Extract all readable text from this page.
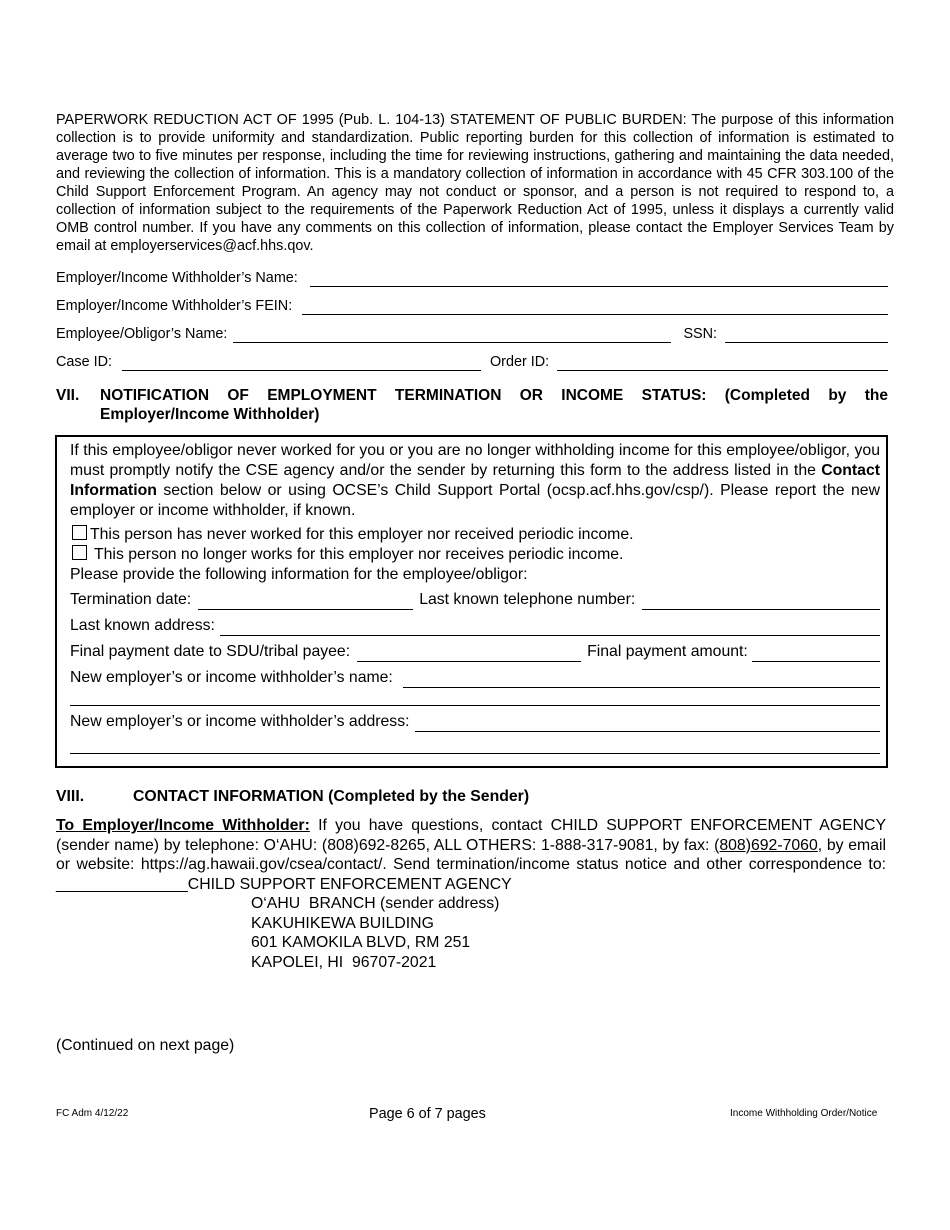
PAPERWORK REDUCTION ACT OF 1995 (Pub. L. 104-13) STATEMENT OF PUBLIC BURDEN: The purpose of this information collection is to provide uniformity and standardization. Public reporting burden for this collection of information is estimated to average two to five minutes per response, including the time for reviewing instructions, gathering and maintaining the data needed, and reviewing the collection of information. This is a mandatory collection of information in accordance with 45 CFR 303.100 of the Child Support Enforcement Program. An agency may not conduct or sponsor, and a person is not required to respond to, a collection of information subject to the requirements of the Paperwork Reduction Act of 1995, unless it displays a currently valid OMB control number. If you have any comments on this collection of information, please contact the Employer Services Team by email at employerservices@acf.hhs.qov.
Employer/Income Withholder’s Name:
Employer/Income Withholder’s FEIN:
Employee/Obligor’s Name:	SSN:
Case ID:	Order ID:
VII. NOTIFICATION OF EMPLOYMENT TERMINATION OR INCOME STATUS: (Completed by the Employer/Income Withholder)
If this employee/obligor never worked for you or you are no longer withholding income for this employee/obligor, you must promptly notify the CSE agency and/or the sender by returning this form to the address listed in the Contact Information section below or using OCSE’s Child Support Portal (ocsp.acf.hhs.gov/csp/). Please report the new employer or income withholder, if known.
This person has never worked for this employer nor received periodic income.
This person no longer works for this employer nor receives periodic income.
Please provide the following information for the employee/obligor:
Termination date:	Last known telephone number:
Last known address:
Final payment date to SDU/tribal payee:	Final payment amount:
New employer’s or income withholder’s name:
New employer’s or income withholder’s address:
VIII.	CONTACT INFORMATION (Completed by the Sender)
To Employer/Income Withholder: If you have questions, contact CHILD SUPPORT ENFORCEMENT AGENCY (sender name) by telephone: O‘AHU: (808)692-8265, ALL OTHERS: 1-888-317-9081, by fax: (808)692-7060, by email or website: https://ag.hawaii.gov/csea/contact/. Send termination/income status notice and other correspondence to: _______________CHILD SUPPORT ENFORCEMENT AGENCY
O‘AHU  BRANCH (sender address)
KAKUHIKEWA BUILDING
601 KAMOKILA BLVD, RM 251
KAPOLEI, HI  96707-2021
(Continued on next page)
FC Adm 4/12/22	Page 6 of 7 pages	Income Withholding Order/Notice
